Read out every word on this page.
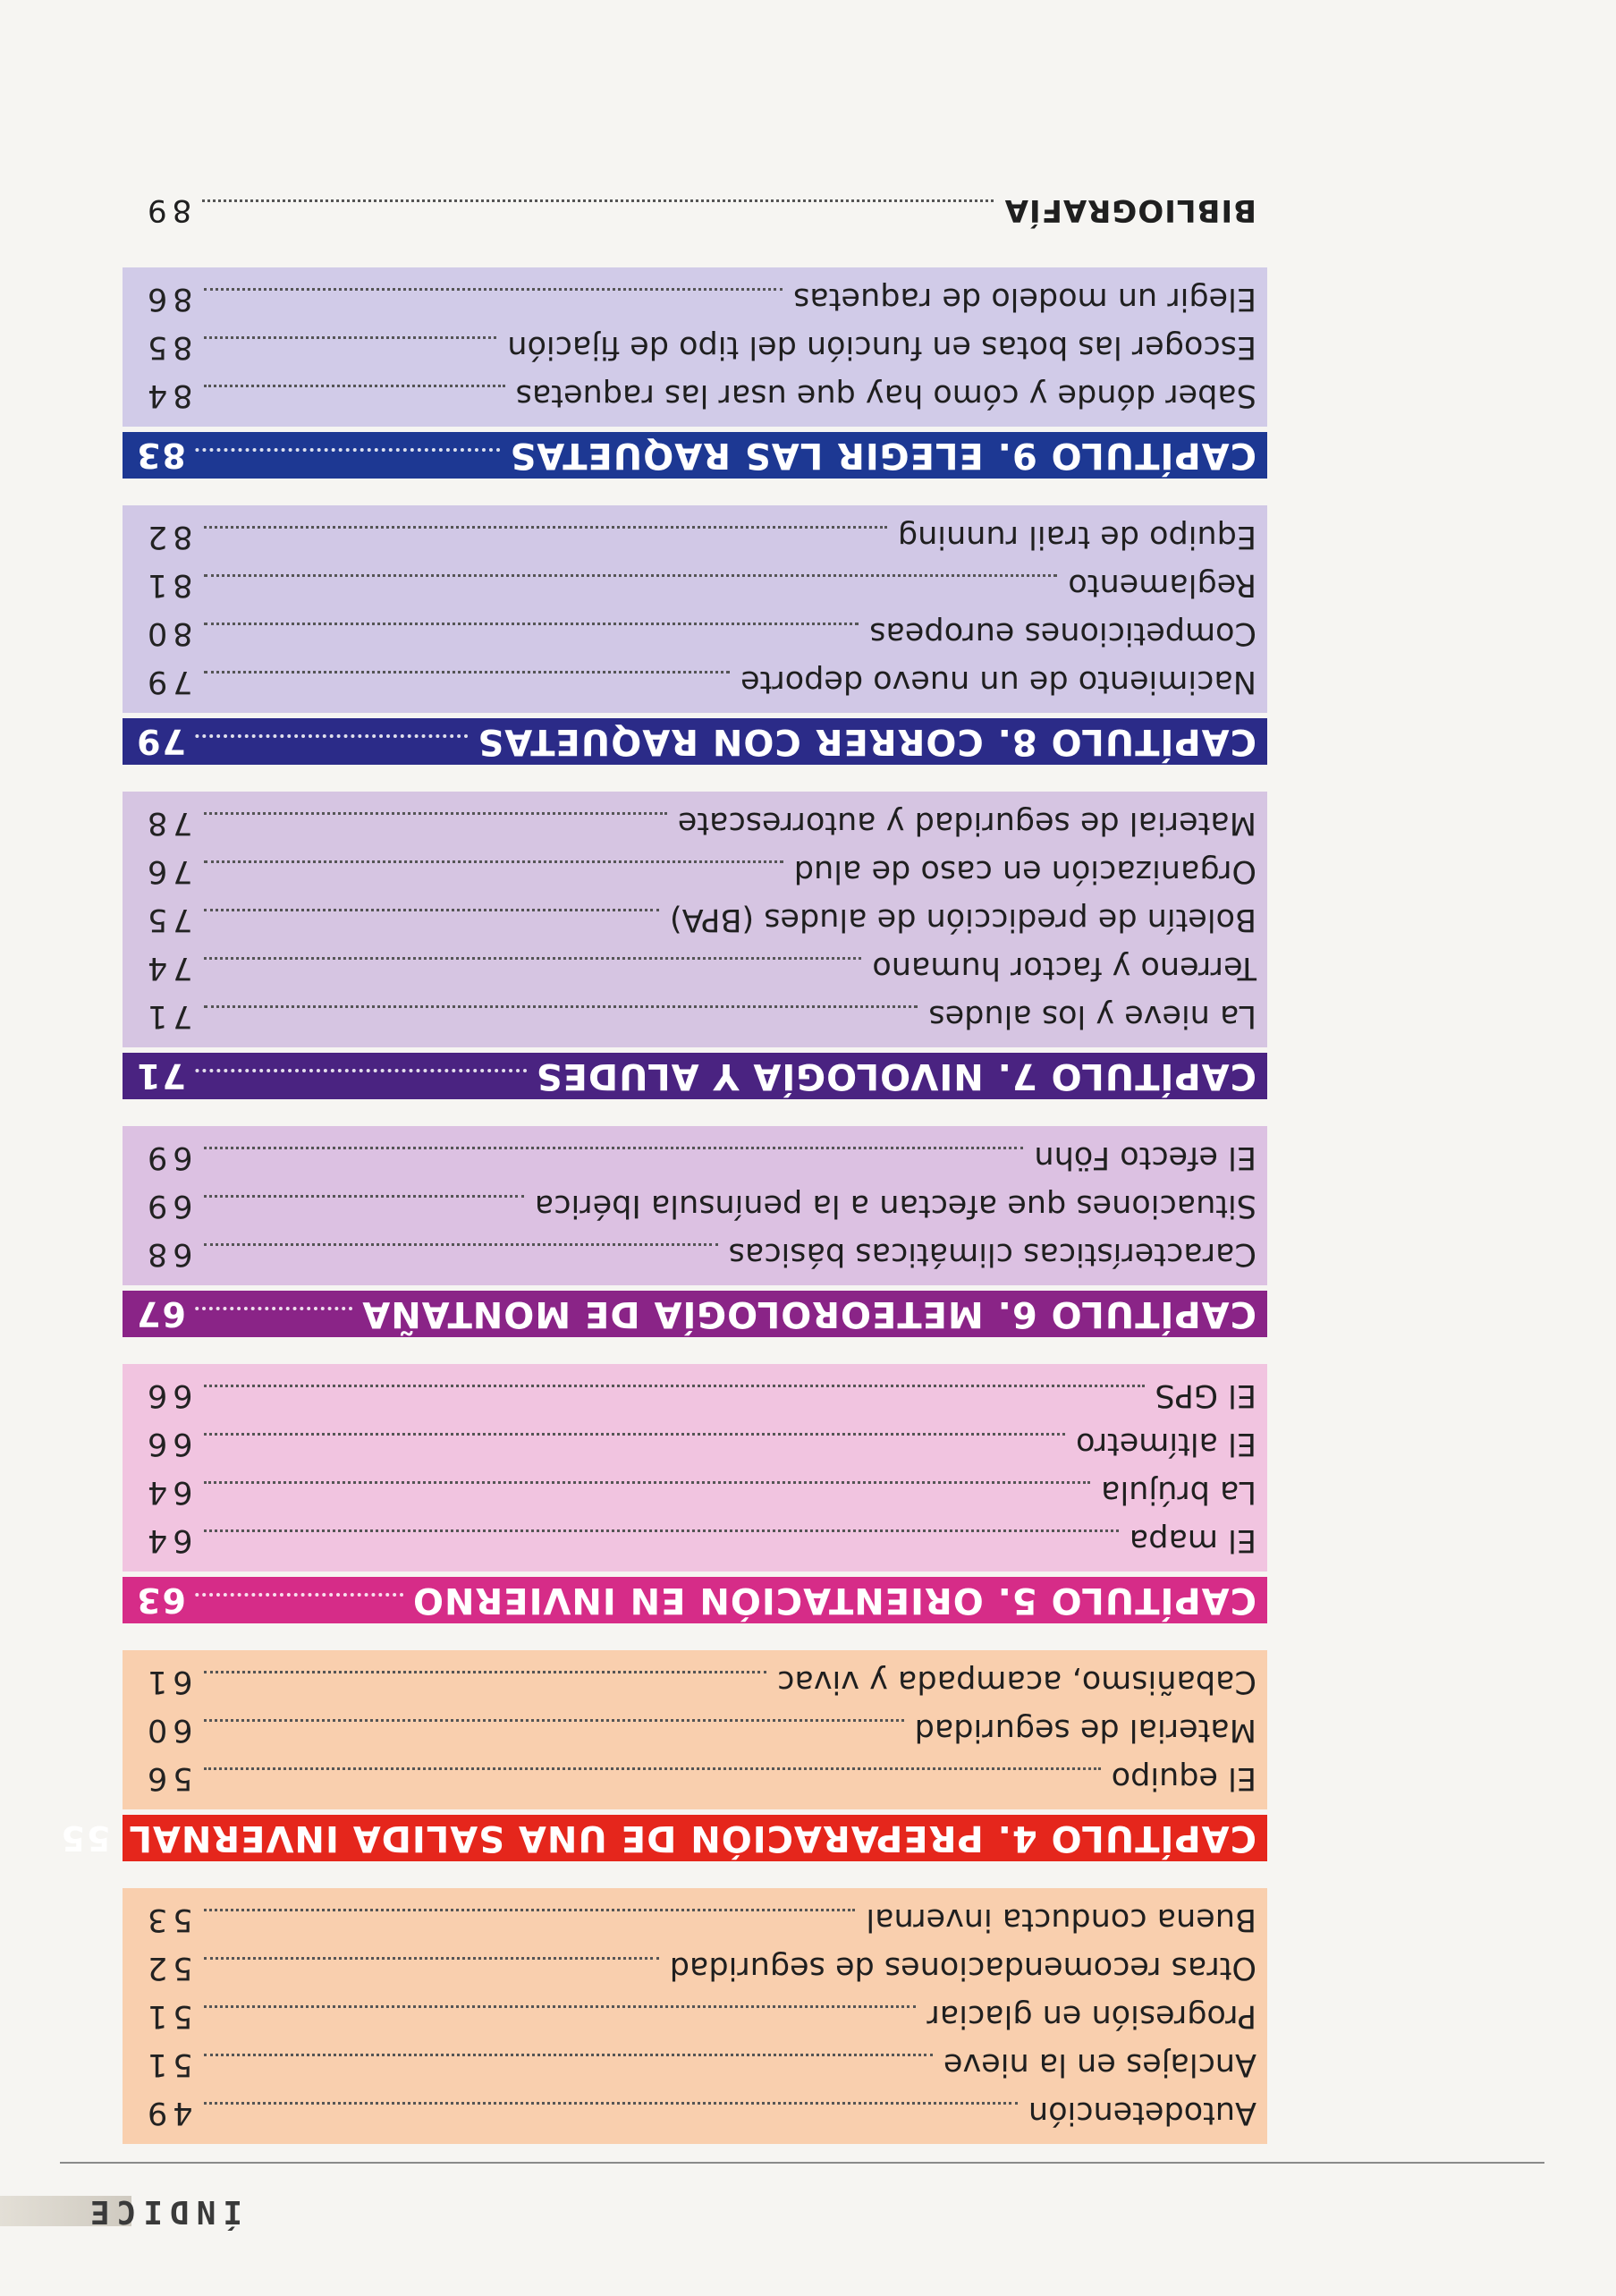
ÍNDICE
Autodetención
49
Anclajes en la nieve
51
Progresión en glaciar
51
Otras recomendaciones de seguridad
52
Buena conducta invernal
53
CAPÍTULO 4. PREPARACIÓN DE UNA SALIDA INVERNAL
55
El equipo
56
Material de seguridad
60
Cabañismo, acampada y vivac
61
CAPÍTULO 5. ORIENTACIÓN EN INVIERNO
63
El mapa
64
La brújula
64
El altímetro
66
El GPS
66
CAPÍTULO 6. METEOROLOGÍA DE MONTAÑA
67
Características climáticas básicas
68
Situaciones que afectan a la península Ibérica
69
El efecto Föhn
69
CAPÍTULO 7. NIVOLOGÍA Y ALUDES
71
La nieve y los aludes
71
Terreno y factor humano
74
Boletín de predicción de aludes (BPA)
75
Organización en caso de alud
76
Material de seguridad y autorrescate
78
CAPÍTULO 8. CORRER CON RAQUETAS
79
Nacimiento de un nuevo deporte
79
Competiciones europeas
80
Reglamento
81
Equipo de trail running
82
CAPÍTULO 9. ELEGIR LAS RAQUETAS
83
Saber dónde y cómo hay que usar las raquetas
84
Escoger las botas en función del tipo de fijación
85
Elegir un modelo de raquetas
86
BIBLIOGRAFÍA
89
